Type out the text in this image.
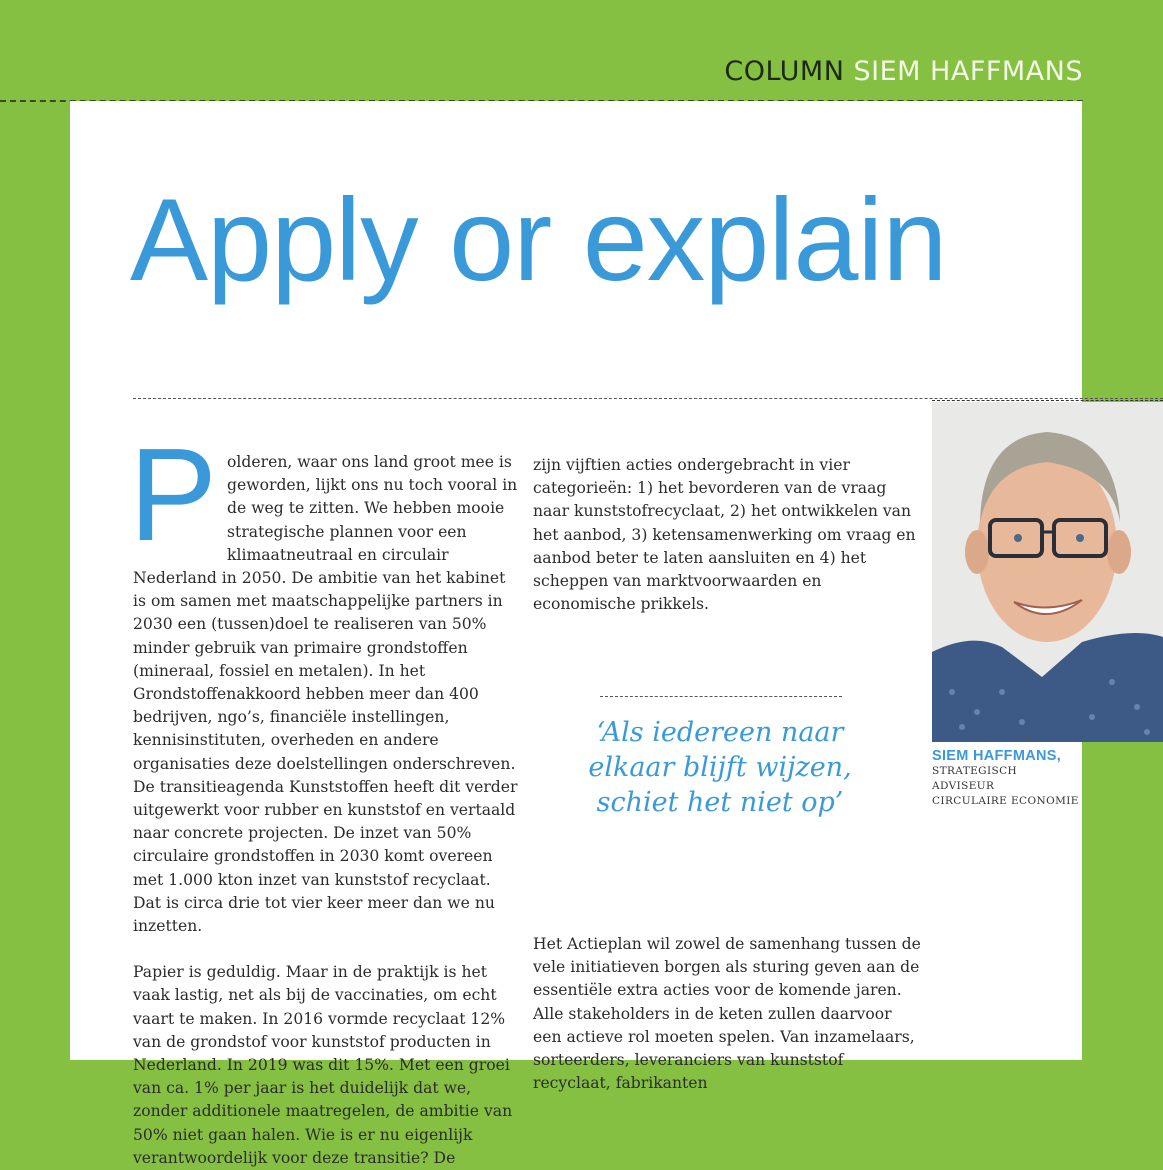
COLUMN SIEM HAFFMANS
Apply or explain

Polderen, waar ons land groot mee is geworden, lijkt ons nu toch vooral in de weg te zitten. We hebben mooie strategische plannen voor een klimaatneutraal en circulair Nederland in 2050. De ambitie van het kabinet is om samen met maatschappelijke partners in 2030 een (tussen)doel te realiseren van 50% minder gebruik van primaire grondstoffen (mineraal, fossiel en metalen). In het Grondstoffenakkoord hebben meer dan 400 bedrijven, ngo’s, financiële instellingen, kennisinstituten, overheden en andere organisaties deze doelstellingen onderschreven. De transitieagenda Kunststoffen heeft dit verder uitgewerkt voor rubber en kunststof en vertaald naar concrete projecten. De inzet van 50% circulaire grondstoffen in 2030 komt overeen met 1.000 kton inzet van kunststof recyclaat. Dat is circa drie tot vier keer meer dan we nu inzetten.

Papier is geduldig. Maar in de praktijk is het vaak lastig, net als bij de vaccinaties, om echt vaart te maken. In 2016 vormde recyclaat 12% van de grondstof voor kunststof producten in Nederland. In 2019 was dit 15%. Met een groei van ca. 1% per jaar is het duidelijk dat we, zonder additionele maatregelen, de ambitie van 50% niet gaan halen. Wie is er nu eigenlijk verantwoordelijk voor deze transitie? De

zijn vijftien acties ondergebracht in vier categorieën: 1) het bevorderen van de vraag naar kunststofrecyclaat, 2) het ontwikkelen van het aanbod, 3) ketensamenwerking om vraag en aanbod beter te laten aansluiten en 4) het scheppen van marktvoorwaarden en economische prikkels.

‘Als iedereen naar elkaar blijft wijzen, schiet het niet op’

Het Actieplan wil zowel de samenhang tussen de vele initiatieven borgen als sturing geven aan de essentiële extra acties voor de komende jaren. Alle stakeholders in de keten zullen daarvoor een actieve rol moeten spelen. Van inzamelaars, sorteerders, leveranciers van kunststof recyclaat, fabrikanten

SIEM HAFFMANS,
STRATEGISCH ADVISEUR
CIRCULAIRE ECONOMIE
